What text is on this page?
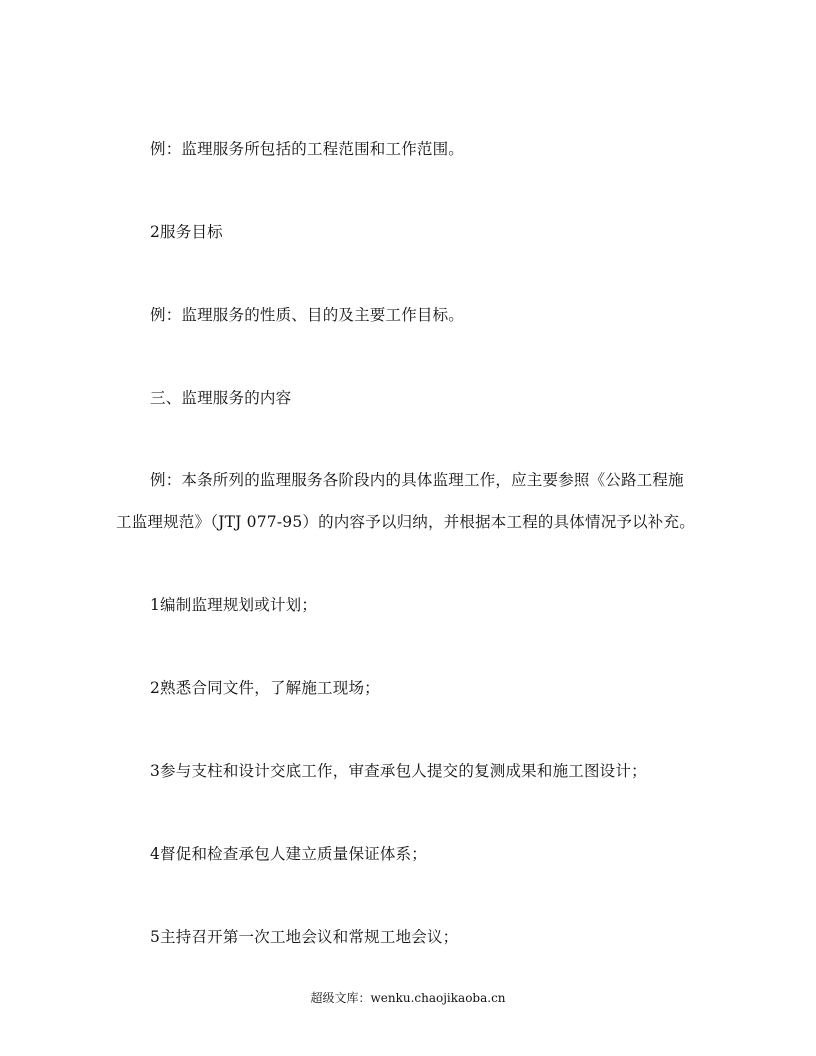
例：监理服务所包括的工程范围和工作范围。
2服务目标
例：监理服务的性质、目的及主要工作目标。
三、监理服务的内容
例：本条所列的监理服务各阶段内的具体监理工作，应主要参照《公路工程施
工监理规范》（JTJ 077-95）的内容予以归纳，并根据本工程的具体情况予以补充。
1编制监理规划或计划；
2熟悉合同文件，了解施工现场；
3参与支柱和设计交底工作，审查承包人提交的复测成果和施工图设计；
4督促和检查承包人建立质量保证体系；
5主持召开第一次工地会议和常规工地会议；
超级文库：wenku.chaojikaoba.cn
